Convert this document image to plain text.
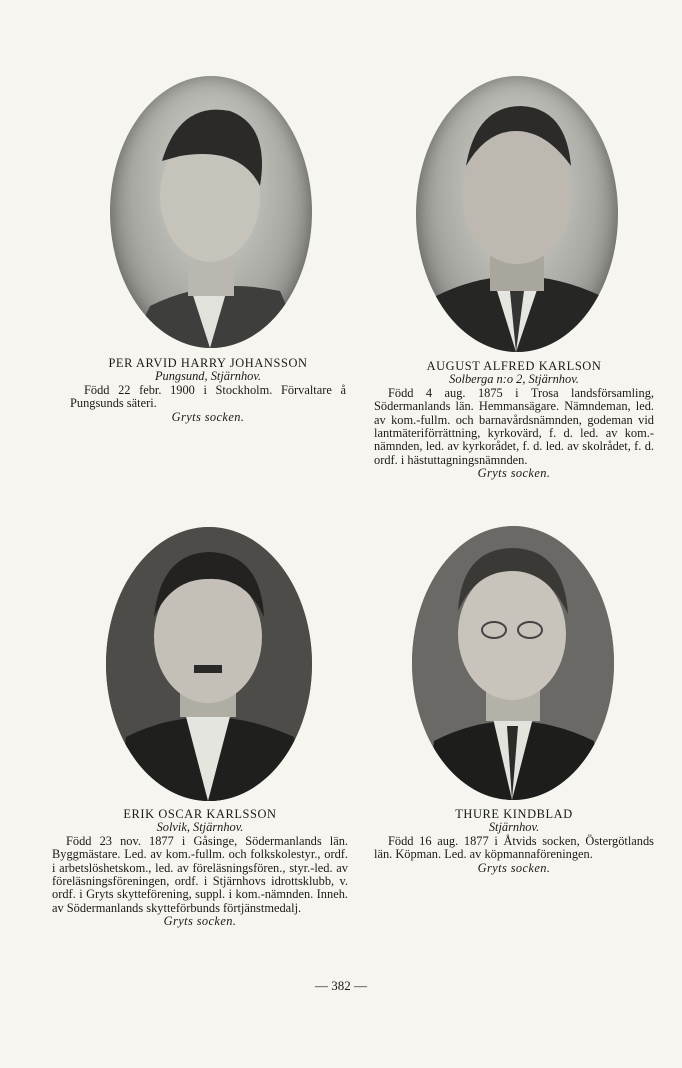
PER ARVID HARRY JOHANSSON
Pungsund, Stjärnhov.
Född 22 febr. 1900 i Stockholm. Förvaltare å Pungsunds säteri.
Gryts socken.
AUGUST ALFRED KARLSON
Solberga n:o 2, Stjärnhov.
Född 4 aug. 1875 i Trosa landsförsamling, Södermanlands län. Hemmansägare. Nämndeman, led. av kom.-fullm. och barnavårdsnämnden, godeman vid lantmäteriförrättning, kyrkovärd, f. d. led. av kom.-nämnden, led. av kyrkorådet, f. d. led. av skolrådet, f. d. ordf. i hästuttagningsnämnden.
Gryts socken.
ERIK OSCAR KARLSSON
Solvik, Stjärnhov.
Född 23 nov. 1877 i Gåsinge, Södermanlands län. Byggmästare. Led. av kom.-fullm. och folkskolestyr., ordf. i arbetslöshetskom., led. av föreläsningsfören., styr.-led. av föreläsningsföreningen, ordf. i Stjärnhovs idrottsklubb, v. ordf. i Gryts skytteförening, suppl. i kom.-nämnden. Inneh. av Södermanlands skytteförbunds förtjänstmedalj.
Gryts socken.
THURE KINDBLAD
Stjärnhov.
Född 16 aug. 1877 i Åtvids socken, Östergötlands län. Köpman. Led. av köpmannaföreningen.
Gryts socken.
— 382 —
